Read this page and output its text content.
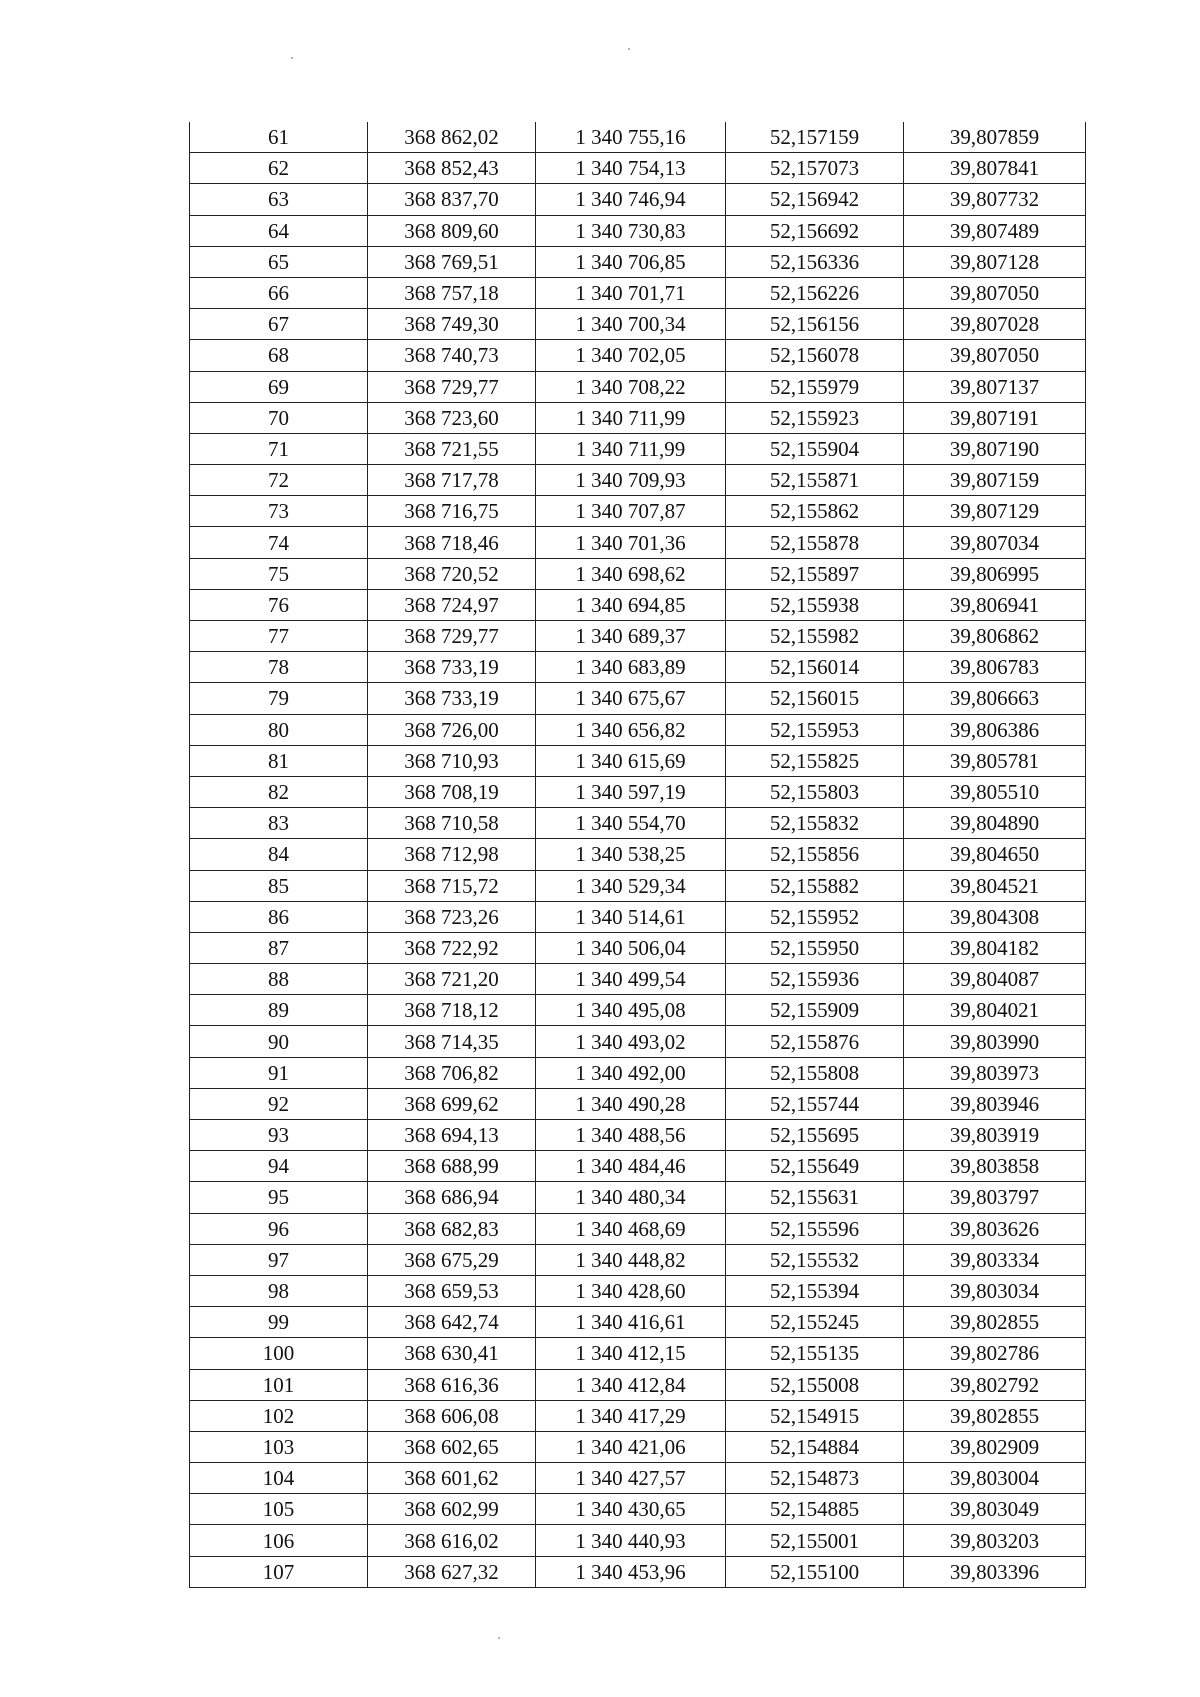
61	368 862,02	1 340 755,16	52,157159	39,807859
62	368 852,43	1 340 754,13	52,157073	39,807841
63	368 837,70	1 340 746,94	52,156942	39,807732
64	368 809,60	1 340 730,83	52,156692	39,807489
65	368 769,51	1 340 706,85	52,156336	39,807128
66	368 757,18	1 340 701,71	52,156226	39,807050
67	368 749,30	1 340 700,34	52,156156	39,807028
68	368 740,73	1 340 702,05	52,156078	39,807050
69	368 729,77	1 340 708,22	52,155979	39,807137
70	368 723,60	1 340 711,99	52,155923	39,807191
71	368 721,55	1 340 711,99	52,155904	39,807190
72	368 717,78	1 340 709,93	52,155871	39,807159
73	368 716,75	1 340 707,87	52,155862	39,807129
74	368 718,46	1 340 701,36	52,155878	39,807034
75	368 720,52	1 340 698,62	52,155897	39,806995
76	368 724,97	1 340 694,85	52,155938	39,806941
77	368 729,77	1 340 689,37	52,155982	39,806862
78	368 733,19	1 340 683,89	52,156014	39,806783
79	368 733,19	1 340 675,67	52,156015	39,806663
80	368 726,00	1 340 656,82	52,155953	39,806386
81	368 710,93	1 340 615,69	52,155825	39,805781
82	368 708,19	1 340 597,19	52,155803	39,805510
83	368 710,58	1 340 554,70	52,155832	39,804890
84	368 712,98	1 340 538,25	52,155856	39,804650
85	368 715,72	1 340 529,34	52,155882	39,804521
86	368 723,26	1 340 514,61	52,155952	39,804308
87	368 722,92	1 340 506,04	52,155950	39,804182
88	368 721,20	1 340 499,54	52,155936	39,804087
89	368 718,12	1 340 495,08	52,155909	39,804021
90	368 714,35	1 340 493,02	52,155876	39,803990
91	368 706,82	1 340 492,00	52,155808	39,803973
92	368 699,62	1 340 490,28	52,155744	39,803946
93	368 694,13	1 340 488,56	52,155695	39,803919
94	368 688,99	1 340 484,46	52,155649	39,803858
95	368 686,94	1 340 480,34	52,155631	39,803797
96	368 682,83	1 340 468,69	52,155596	39,803626
97	368 675,29	1 340 448,82	52,155532	39,803334
98	368 659,53	1 340 428,60	52,155394	39,803034
99	368 642,74	1 340 416,61	52,155245	39,802855
100	368 630,41	1 340 412,15	52,155135	39,802786
101	368 616,36	1 340 412,84	52,155008	39,802792
102	368 606,08	1 340 417,29	52,154915	39,802855
103	368 602,65	1 340 421,06	52,154884	39,802909
104	368 601,62	1 340 427,57	52,154873	39,803004
105	368 602,99	1 340 430,65	52,154885	39,803049
106	368 616,02	1 340 440,93	52,155001	39,803203
107	368 627,32	1 340 453,96	52,155100	39,803396
